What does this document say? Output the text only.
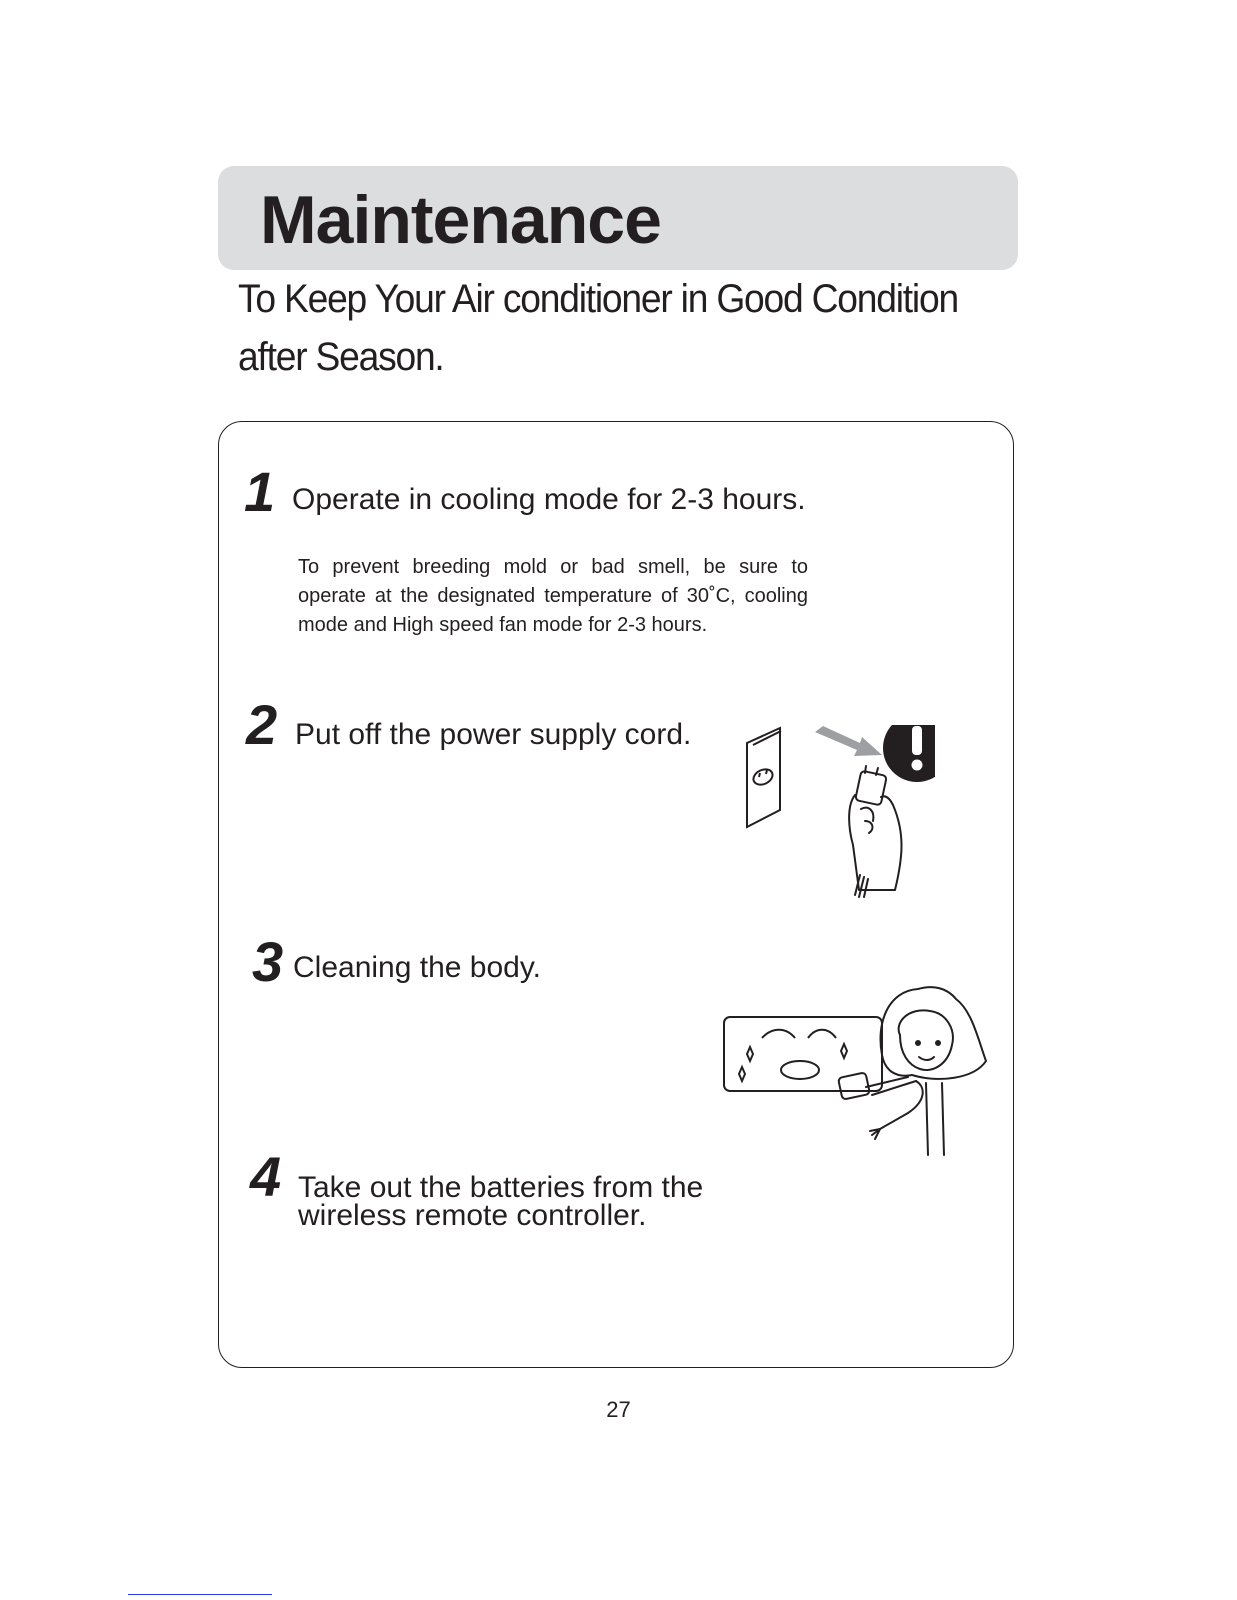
Maintenance

To Keep Your Air conditioner in Good Condition after Season.

1 Operate in cooling mode for 2-3 hours.

To prevent breeding mold or bad smell, be sure to operate at the designated temperature of 30˚C, cooling mode and High speed fan mode for 2-3 hours.

2 Put off the power supply cord.
3 Cleaning the body.
4 Take out the batteries from the
wireless remote controller.
27
